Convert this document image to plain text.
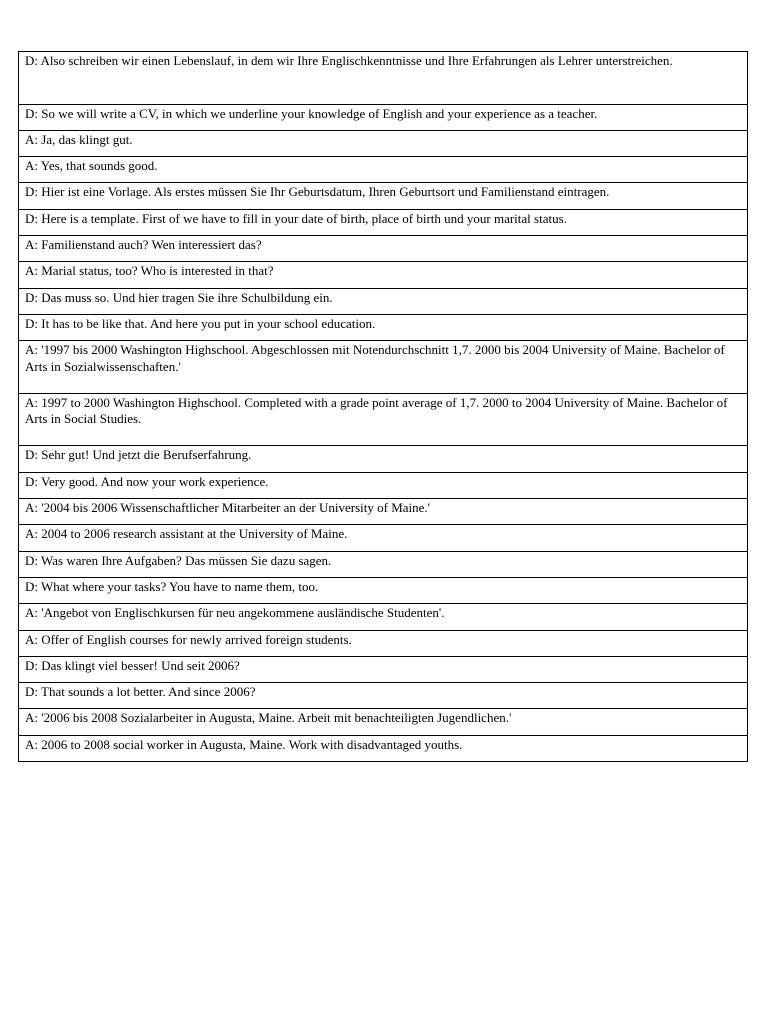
D: Also schreiben wir einen Lebenslauf, in dem wir Ihre Englischkenntnisse und Ihre Erfahrungen als Lehrer unterstreichen.
D: So we will write a CV, in which we underline your knowledge of English and your experience as a teacher.
A: Ja, das klingt gut.
A: Yes, that sounds good.
D: Hier ist eine Vorlage. Als erstes müssen Sie Ihr Geburtsdatum, Ihren Geburtsort und Familienstand eintragen.
D: Here is a template. First of we have to fill in your date of birth, place of birth und your marital status.
A: Familienstand auch? Wen interessiert das?
A: Marial status, too? Who is interested in that?
D: Das muss so. Und hier tragen Sie ihre Schulbildung ein.
D: It has to be like that. And here you put in your school education.
A: '1997 bis 2000 Washington Highschool. Abgeschlossen mit Notendurchschnitt 1,7. 2000 bis 2004 University of Maine. Bachelor of Arts in Sozialwissenschaften.'
A: 1997 to 2000 Washington Highschool. Completed with a grade point average of 1,7. 2000 to 2004 University of Maine. Bachelor of Arts in Social Studies.
D: Sehr gut! Und jetzt die Berufserfahrung.
D: Very good. And now your work experience.
A: '2004 bis 2006 Wissenschaftlicher Mitarbeiter an der University of Maine.'
A: 2004 to 2006 research assistant at the University of Maine.
D: Was waren Ihre Aufgaben? Das müssen Sie dazu sagen.
D: What where your tasks? You have to name them, too.
A: 'Angebot von Englischkursen für neu angekommene ausländische Studenten'.
A: Offer of English courses for newly arrived foreign students.
D: Das klingt viel besser! Und seit 2006?
D: That sounds a lot better. And since 2006?
A: '2006 bis 2008 Sozialarbeiter in Augusta, Maine. Arbeit mit benachteiligten Jugendlichen.'
A: 2006 to 2008 social worker in Augusta, Maine. Work with disadvantaged youths.
